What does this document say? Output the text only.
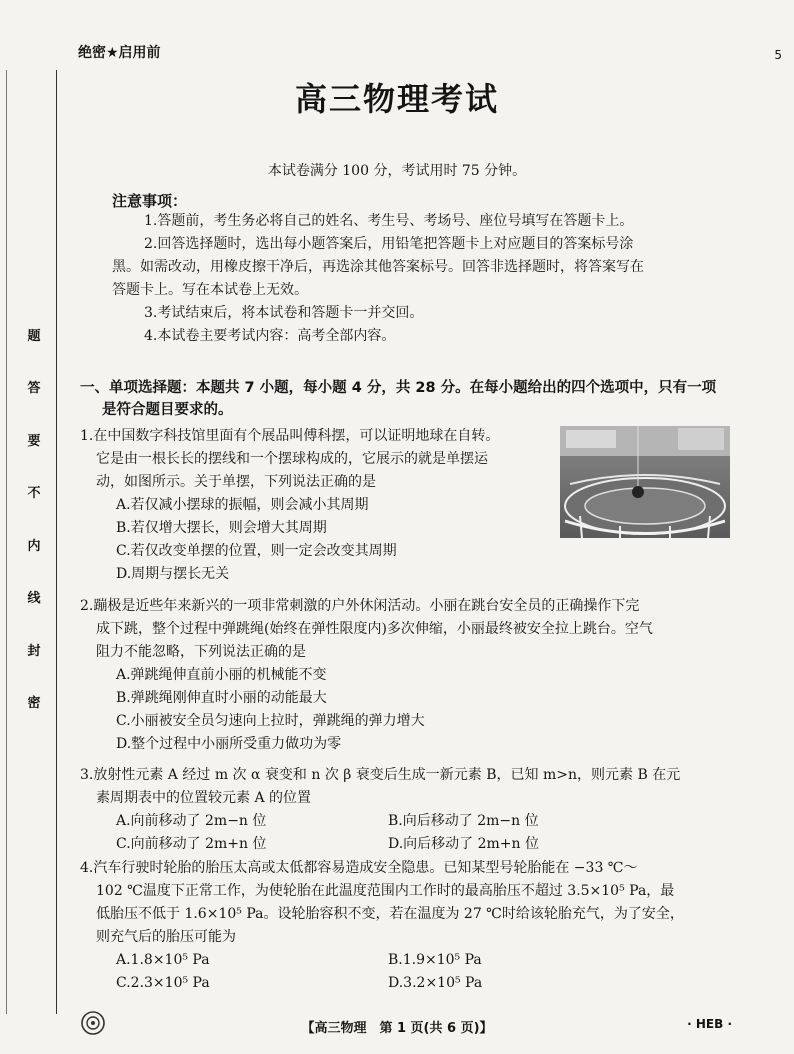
题
答
要
不
内
线
封
密
5
绝密★启用前
高三物理考试
本试卷满分 100 分，考试用时 75 分钟。
注意事项：

1.答题前，考生务必将自己的姓名、考生号、考场号、座位号填写在答题卡上。

2.回答选择题时，选出每小题答案后，用铅笔把答题卡上对应题目的答案标号涂

黑。如需改动，用橡皮擦干净后，再选涂其他答案标号。回答非选择题时，将答案写在

答题卡上。写在本试卷上无效。

3.考试结束后，将本试卷和答题卡一并交回。

4.本试卷主要考试内容：高考全部内容。

一、单项选择题：本题共 7 小题，每小题 4 分，共 28 分。在每小题给出的四个选项中，只有一项
是符合题目要求的。

1.在中国数字科技馆里面有个展品叫傅科摆，可以证明地球在自转。

它是由一根长长的摆线和一个摆球构成的，它展示的就是单摆运

动，如图所示。关于单摆，下列说法正确的是

A.若仅减小摆球的振幅，则会减小其周期

B.若仅增大摆长，则会增大其周期

C.若仅改变单摆的位置，则一定会改变其周期

D.周期与摆长无关

2.蹦极是近些年来新兴的一项非常刺激的户外休闲活动。小丽在跳台安全员的正确操作下完

成下跳，整个过程中弹跳绳(始终在弹性限度内)多次伸缩，小丽最终被安全拉上跳台。空气

阻力不能忽略，下列说法正确的是

A.弹跳绳伸直前小丽的机械能不变

B.弹跳绳刚伸直时小丽的动能最大

C.小丽被安全员匀速向上拉时，弹跳绳的弹力增大

D.整个过程中小丽所受重力做功为零

3.放射性元素 A 经过 m 次 α 衰变和 n 次 β 衰变后生成一新元素 B，已知 m>n，则元素 B 在元

素周期表中的位置较元素 A 的位置

A.向前移动了 2m−n 位	B.向后移动了 2m−n 位
C.向前移动了 2m+n 位	D.向后移动了 2m+n 位

4.汽车行驶时轮胎的胎压太高或太低都容易造成安全隐患。已知某型号轮胎能在 −33 ℃～

102 ℃温度下正常工作，为使轮胎在此温度范围内工作时的最高胎压不超过 3.5×10⁵ Pa，最

低胎压不低于 1.6×10⁵ Pa。设轮胎容积不变，若在温度为 27 ℃时给该轮胎充气，为了安全，

则充气后的胎压可能为

A.1.8×10⁵ Pa	B.1.9×10⁵ Pa
C.2.3×10⁵ Pa	D.3.2×10⁵ Pa
【高三物理　第 1 页(共 6 页)】	· HEB ·
